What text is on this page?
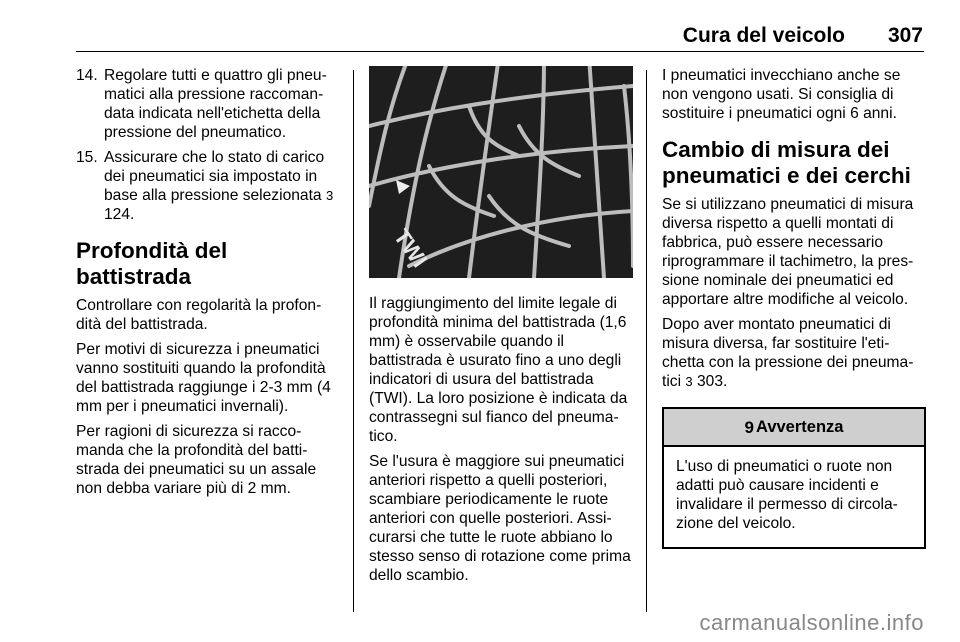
Cura del veicolo 307
14. Regolare tutti e quattro gli pneu-matici alla pressione raccoman-data indicata nell'etichetta della pressione del pneumatico.
15. Assicurare che lo stato di carico dei pneumatici sia impostato in base alla pressione selezionata 3 124.
Profondità del battistrada

Controllare con regolarità la profon-dità del battistrada.

Per motivi di sicurezza i pneumatici vanno sostituiti quando la profondità del battistrada raggiunge i 2-3 mm (4 mm per i pneumatici invernali).

Per ragioni di sicurezza si racco-manda che la profondità del batti-strada dei pneumatici su un assale non debba variare più di 2 mm.

TWI

Il raggiungimento del limite legale di profondità minima del battistrada (1,6 mm) è osservabile quando il battistrada è usurato fino a uno degli indicatori di usura del battistrada (TWI). La loro posizione è indicata da contrassegni sul fianco del pneuma-tico.

Se l'usura è maggiore sui pneumatici anteriori rispetto a quelli posteriori, scambiare periodicamente le ruote anteriori con quelle posteriori. Assi-curarsi che tutte le ruote abbiano lo stesso senso di rotazione come prima dello scambio.

I pneumatici invecchiano anche se non vengono usati. Si consiglia di sostituire i pneumatici ogni 6 anni.

Cambio di misura dei pneumatici e dei cerchi

Se si utilizzano pneumatici di misura diversa rispetto a quelli montati di fabbrica, può essere necessario riprogrammare il tachimetro, la pres-sione nominale dei pneumatici ed apportare altre modifiche al veicolo.

Dopo aver montato pneumatici di misura diversa, far sostituire l'eti-chetta con la pressione dei pneuma-tici 3 303.

9 Avvertenza
L'uso di pneumatici o ruote non adatti può causare incidenti e invalidare il permesso di circola-zione del veicolo.
carmanualsonline.info
